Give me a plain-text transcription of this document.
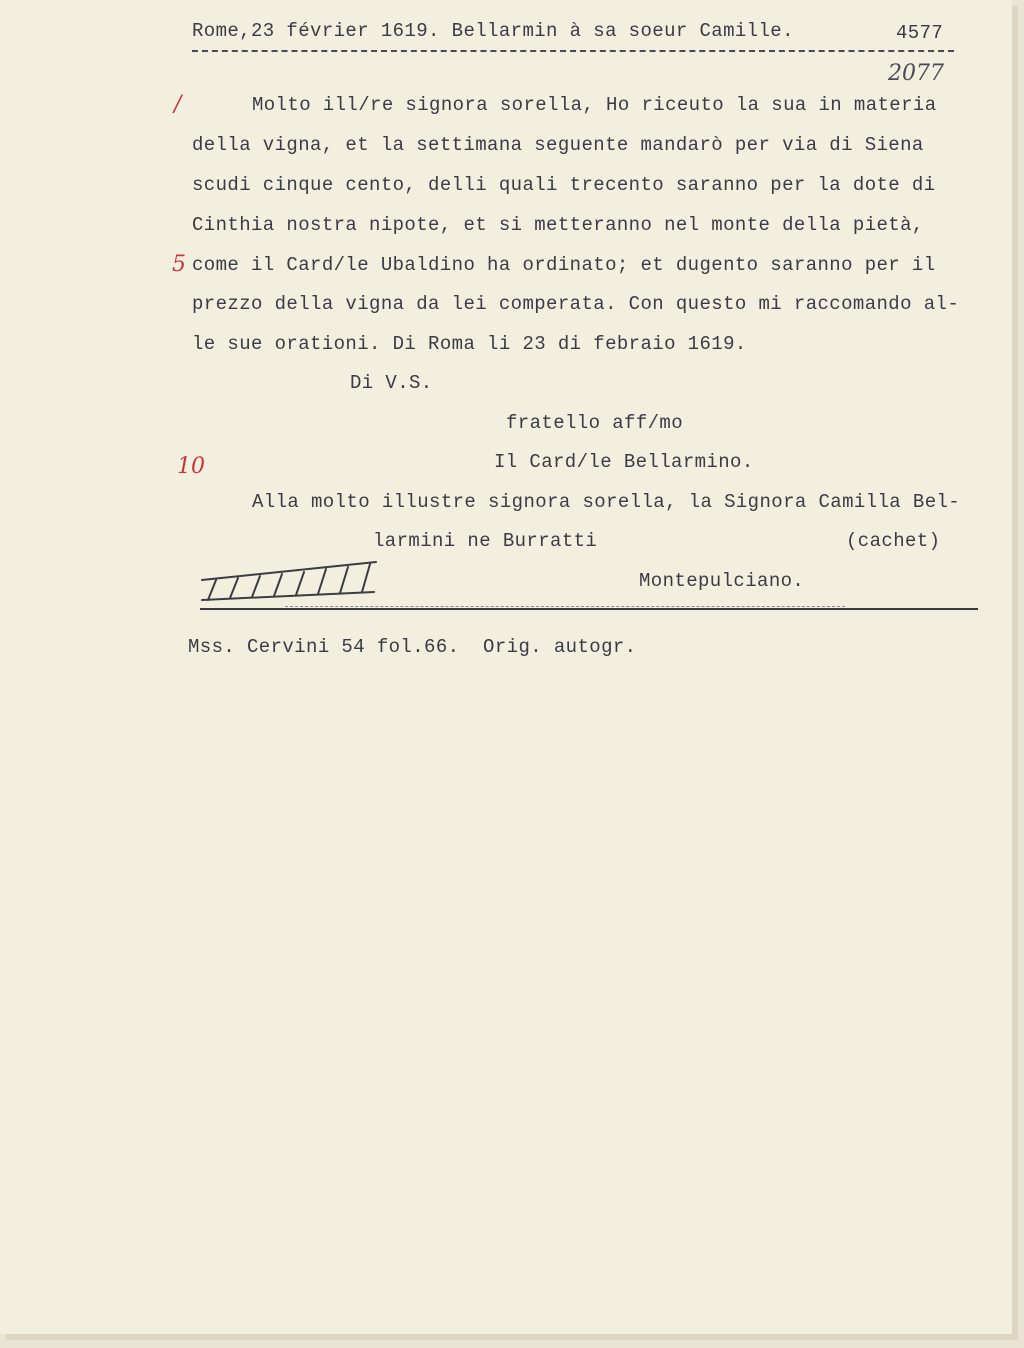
Rome,23 février 1619. Bellarmin à sa soeur Camille.	4577
2077
/
5
10
Molto ill/re signora sorella, Ho riceuto la sua in materia
della vigna, et la settimana seguente mandarò per via di Siena
scudi cinque cento, delli quali trecento saranno per la dote di
Cinthia nostra nipote, et si metteranno nel monte della pietà,
come il Card/le Ubaldino ha ordinato; et dugento saranno per il
prezzo della vigna da lei comperata. Con questo mi raccomando al-
le sue orationi. Di Roma li 23 di febraio 1619.
Di V.S.
fratello aff/mo
Il Card/le Bellarmino.
Alla molto illustre signora sorella, la Signora Camilla Bel-
larmini ne Burratti	(cachet)
Montepulciano.
Mss. Cervini 54 fol.66.  Orig. autogr.
